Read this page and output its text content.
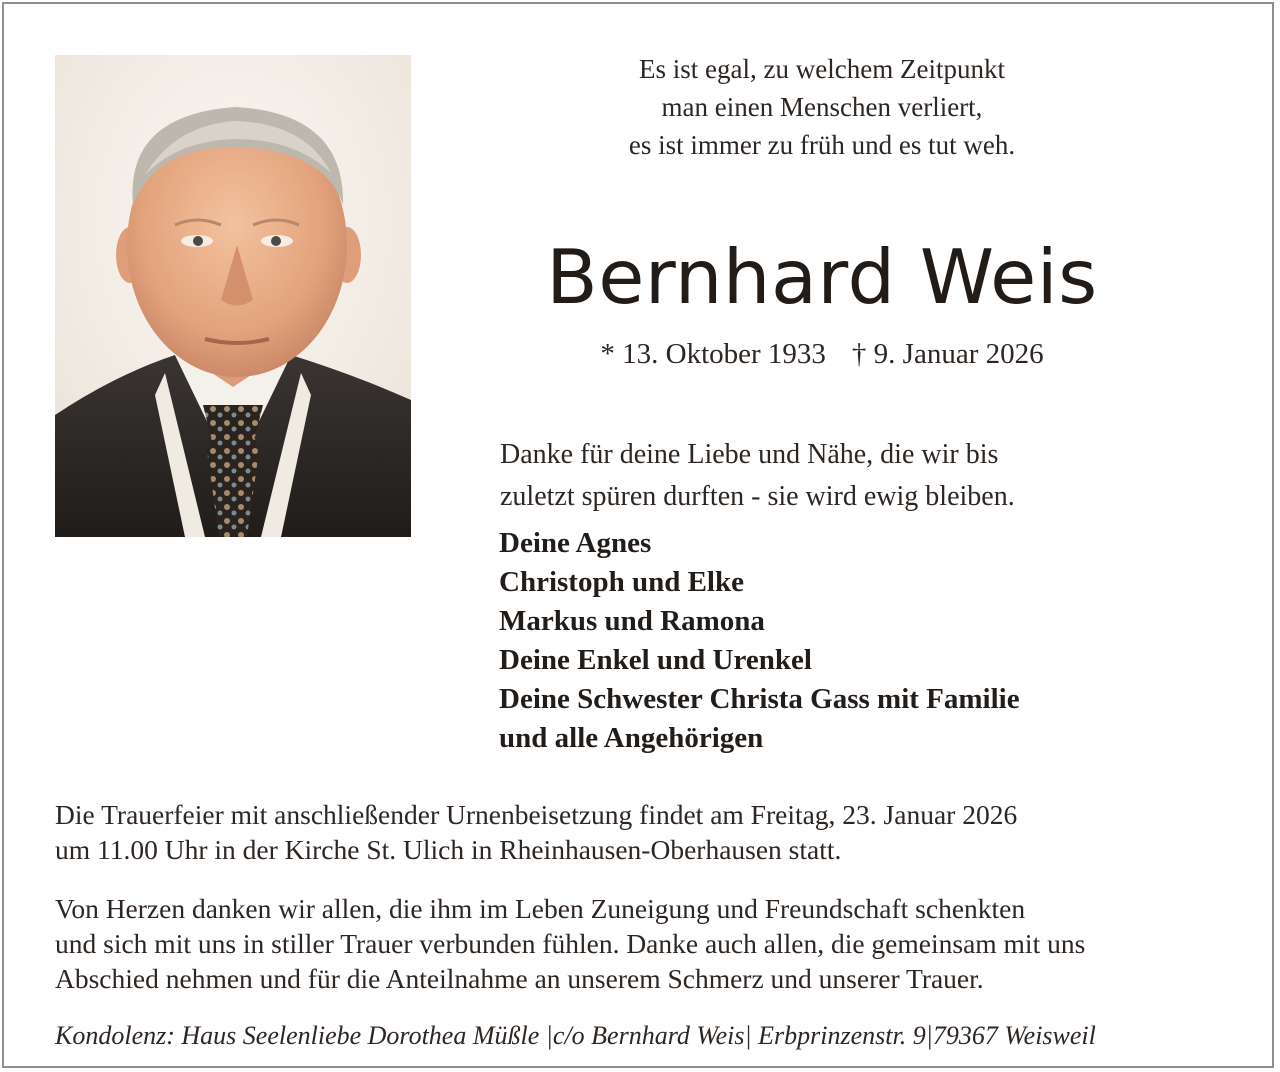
Es ist egal, zu welchem Zeitpunkt
man einen Menschen verliert,
es ist immer zu früh und es tut weh.
Bernhard Weis
* 13. Oktober 1933 † 9. Januar 2026
Danke für deine Liebe und Nähe, die wir bis
zuletzt spüren durften - sie wird ewig bleiben.
Deine Agnes
Christoph und Elke
Markus und Ramona
Deine Enkel und Urenkel
Deine Schwester Christa Gass mit Familie
und alle Angehörigen
Die Trauerfeier mit anschließender Urnenbeisetzung findet am Freitag, 23. Januar 2026
um 11.00 Uhr in der Kirche St. Ulich in Rheinhausen-Oberhausen statt.
Von Herzen danken wir allen, die ihm im Leben Zuneigung und Freundschaft schenkten
und sich mit uns in stiller Trauer verbunden fühlen. Danke auch allen, die gemeinsam mit uns
Abschied nehmen und für die Anteilnahme an unserem Schmerz und unserer Trauer.
Kondolenz: Haus Seelenliebe Dorothea Müßle |c/o Bernhard Weis| Erbprinzenstr. 9|79367 Weisweil
